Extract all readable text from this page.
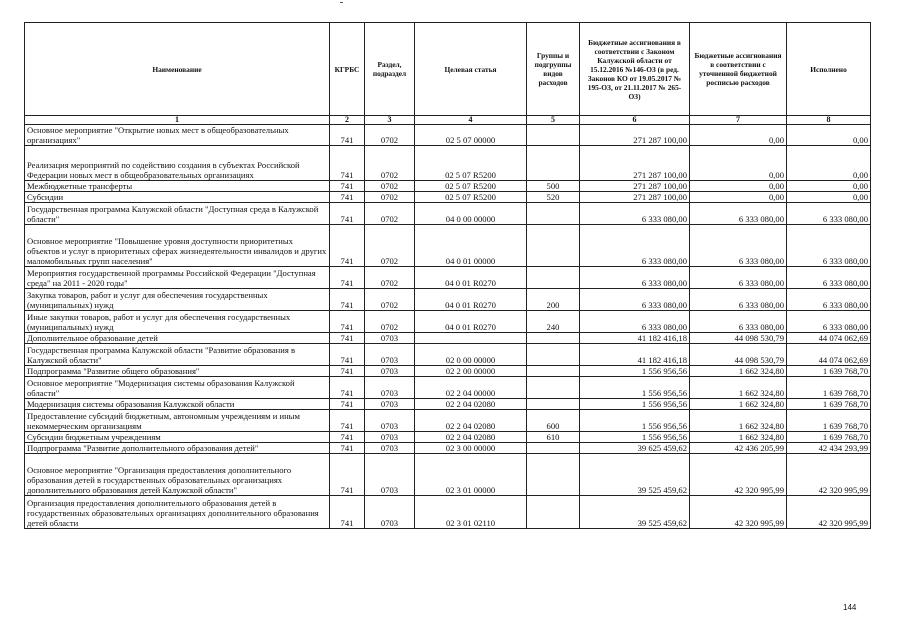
Наименование	КГРБС	Раздел, подраздел	Целевая статья	Группы и подгруппы видов расходов	Бюджетные ассигнования в соответствии с Законом Калужской области от 15.12.2016 №146-ОЗ (в ред. Законов КО от 19.05.2017 № 195-ОЗ, от 21.11.2017 № 265-ОЗ)	Бюджетные ассигнования в соответствии с уточненной бюджетной росписью расходов	Исполнено
1	2	3	4	5	6	7	8
Основное мероприятие "Открытие новых мест в общеобразовательных организациях"	741	0702	02 5 07 00000		271 287 100,00	0,00	0,00
Реализация мероприятий по содействию создания в субъектах Российской Федерации новых мест в общеобразовательных организациях	741	0702	02 5 07 R5200		271 287 100,00	0,00	0,00
Межбюджетные трансферты	741	0702	02 5 07 R5200	500	271 287 100,00	0,00	0,00
Субсидии	741	0702	02 5 07 R5200	520	271 287 100,00	0,00	0,00
Государственная программа Калужской области "Доступная среда в Калужской области"	741	0702	04 0 00 00000		6 333 080,00	6 333 080,00	6 333 080,00
Основное мероприятие "Повышение уровня доступности приоритетных объектов и услуг в приоритетных сферах жизнедеятельности инвалидов и других маломобильных групп населения"	741	0702	04 0 01 00000		6 333 080,00	6 333 080,00	6 333 080,00
Мероприятия государственной программы Российской Федерации "Доступная среда" на 2011 - 2020 годы"	741	0702	04 0 01 R0270		6 333 080,00	6 333 080,00	6 333 080,00
Закупка товаров, работ и услуг для обеспечения государственных (муниципальных) нужд	741	0702	04 0 01 R0270	200	6 333 080,00	6 333 080,00	6 333 080,00
Иные закупки товаров, работ и услуг для обеспечения государственных (муниципальных) нужд	741	0702	04 0 01 R0270	240	6 333 080,00	6 333 080,00	6 333 080,00
Дополнительное образование детей	741	0703			41 182 416,18	44 098 530,79	44 074 062,69
Государственная программа Калужской области "Развитие образования в Калужской области"	741	0703	02 0 00 00000		41 182 416,18	44 098 530,79	44 074 062,69
Подпрограмма "Развитие общего образования"	741	0703	02 2 00 00000		1 556 956,56	1 662 324,80	1 639 768,70
Основное мероприятие "Модернизация системы образования Калужской области"	741	0703	02 2 04 00000		1 556 956,56	1 662 324,80	1 639 768,70
Модернизация системы образования Калужской области	741	0703	02 2 04 02080		1 556 956,56	1 662 324,80	1 639 768,70
Предоставление субсидий бюджетным, автономным учреждениям и иным некоммерческим организациям	741	0703	02 2 04 02080	600	1 556 956,56	1 662 324,80	1 639 768,70
Субсидии бюджетным учреждениям	741	0703	02 2 04 02080	610	1 556 956,56	1 662 324,80	1 639 768,70
Подпрограмма "Развитие дополнительного образования детей"	741	0703	02 3 00 00000		39 625 459,62	42 436 205,99	42 434 293,99
Основное мероприятие "Организация предоставления дополнительного образования детей в государственных образовательных организациях дополнительного образования детей Калужской области"	741	0703	02 3 01 00000		39 525 459,62	42 320 995,99	42 320 995,99
Организация предоставления дополнительного образования детей в государственных образовательных организациях дополнительного образования детей области	741	0703	02 3 01 02110		39 525 459,62	42 320 995,99	42 320 995,99
144
